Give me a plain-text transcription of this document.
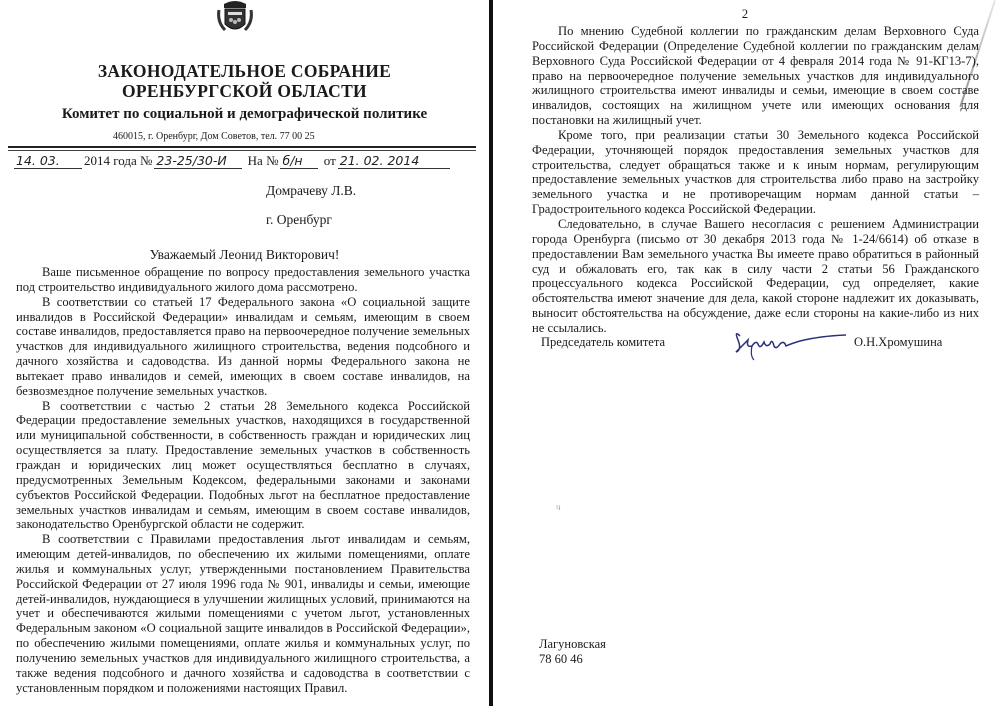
ЗАКОНОДАТЕЛЬНОЕ СОБРАНИЕ
ОРЕНБУРГСКОЙ ОБЛАСТИ
Комитет по социальной и демографической политике
460015, г. Оренбург, Дом Советов, тел. 77 00 25
14. 03. 2014 года № 23-25/30-И На № б/н от 21. 02. 2014
Домрачеву Л.В.
г. Оренбург
Уважаемый Леонид Викторович!

Ваше письменное обращение по вопросу предоставления земельного участка под строительство индивидуального жилого дома рассмотрено.

В соответствии со статьей 17 Федерального закона «О социальной защите инвалидов в Российской Федерации» инвалидам и семьям, имеющим в своем составе инвалидов, предоставляется право на первоочередное получение земельных участков для индивидуального жилищного строительства, ведения подсобного и дачного хозяйства и садоводства. Из данной нормы Федерального закона не вытекает право инвалидов и семей, имеющих в своем составе инвалидов, на безвозмездное получение земельных участков.

В соответствии с частью 2 статьи 28 Земельного кодекса Российской Федерации предоставление земельных участков, находящихся в государственной или муниципальной собственности, в собственность граждан и юридических лиц осуществляется за плату. Предоставление земельных участков в собственность граждан и юридических лиц может осуществляться бесплатно в случаях, предусмотренных Земельным Кодексом, федеральными законами и законами субъектов Российской Федерации. Подобных льгот на бесплатное предоставление земельных участков инвалидам и семьям, имеющим в своем составе инвалидов, законодательство Оренбургской области не содержит.

В соответствии с Правилами предоставления льгот инвалидам и семьям, имеющим детей-инвалидов, по обеспечению их жилыми помещениями, оплате жилья и коммунальных услуг, утвержденными постановлением Правительства Российской Федерации от 27 июля 1996 года № 901, инвалиды и семьи, имеющие детей-инвалидов, нуждающиеся в улучшении жилищных условий, принимаются на учет и обеспечиваются жилыми помещениями с учетом льгот, установленных Федеральным законом «О социальной защите инвалидов в Российской Федерации», по обеспечению жилыми помещениями, оплате жилья и коммунальных услуг, по получению земельных участков для индивидуального жилищного строительства, а также ведения подсобного и дачного хозяйства и садоводства в соответствии с установленным порядком и положениями настоящих Правил.

2

По мнению Судебной коллегии по гражданским делам Верховного Суда Российской Федерации (Определение Судебной коллегии по гражданским делам Верховного Суда Российской Федерации от 4 февраля 2014 года № 91-КГ13-7), право на первоочередное получение земельных участков для индивидуального жилищного строительства имеют инвалиды и семьи, имеющие в своем составе инвалидов, состоящих на жилищном учете или имеющих основания для постановки на жилищный учет.

Кроме того, при реализации статьи 30 Земельного кодекса Российской Федерации, уточняющей порядок предоставления земельных участков для строительства, следует обращаться также и к иным нормам, регулирующим предоставление земельных участков для строительства либо право на застройку земельного участка и не противоречащим нормам данной статьи – Градостроительного кодекса Российской Федерации.

Следовательно, в случае Вашего несогласия с решением Администрации города Оренбурга (письмо от 30 декабря 2013 года № 1-24/6614) об отказе в предоставлении Вам земельного участка Вы имеете право обратиться в районный суд и обжаловать его, так как в силу части 2 статьи 56 Гражданского процессуального кодекса Российской Федерации, суд определяет, какие обстоятельства имеют значение для дела, какой стороне надлежит их доказывать, выносит обстоятельства на обсуждение, даже если стороны на какие-либо из них не ссылались.

Председатель комитета	О.Н.Хромушина
ч
Лагуновская
78 60 46
